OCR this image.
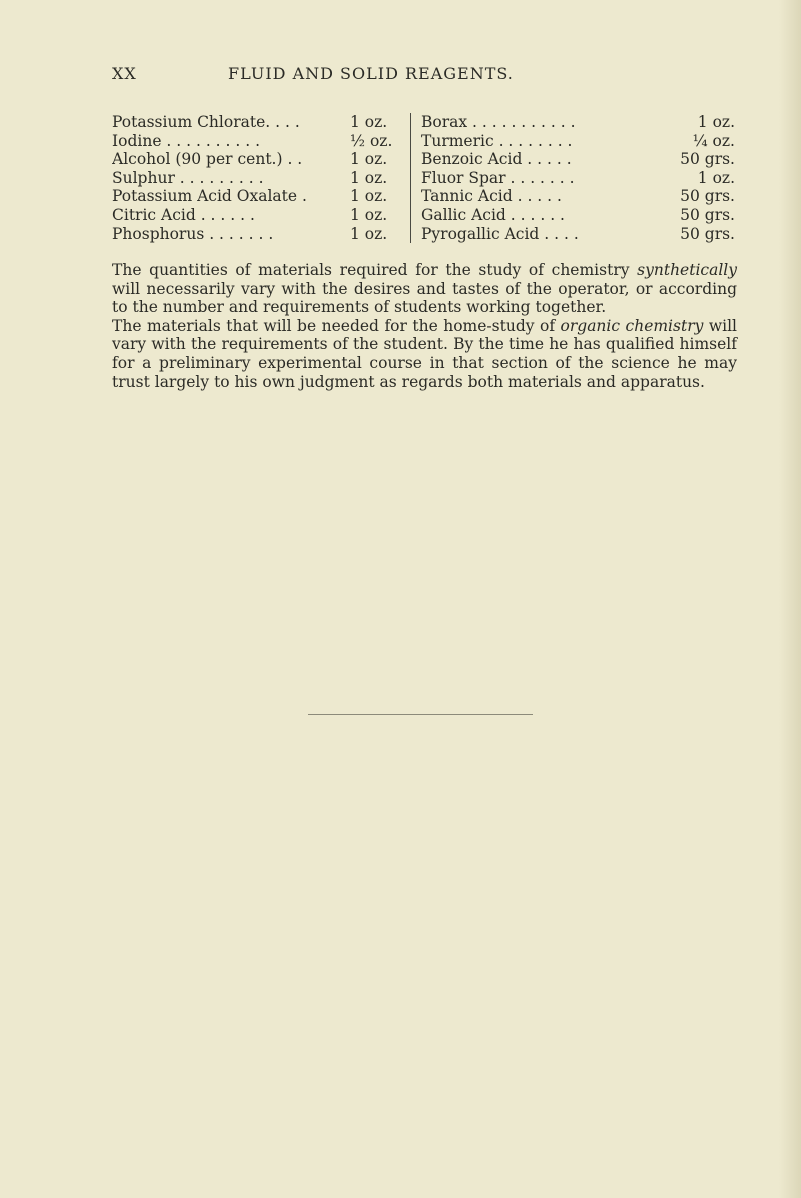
XX	FLUID AND SOLID REAGENTS.
Potassium Chlorate. . . .	1 oz.
Iodine . . . . . . . . . .	½ oz.
Alcohol (90 per cent.) . .	1 oz.
Sulphur . . . . . . . . .	1 oz.
Potassium Acid Oxalate .	1 oz.
Citric Acid . . . . . .	1 oz.
Phosphorus . . . . . . .	1 oz.
Borax . . . . . . . . . . .	1 oz.
Turmeric . . . . . . . .	¼ oz.
Benzoic Acid . . . . .	50 grs.
Fluor Spar . . . . . . .	1 oz.
Tannic Acid . . . . .	50 grs.
Gallic Acid . . . . . .	50 grs.
Pyrogallic Acid . . . .	50 grs.

The quantities of materials required for the study of chemistry synthetically will necessarily vary with the desires and tastes of the operator, or according to the number and requirements of students working together.

The materials that will be needed for the home-study of organic chemistry will vary with the requirements of the student. By the time he has qualified himself for a preliminary experimental course in that section of the science he may trust largely to his own judgment as regards both materials and apparatus.
